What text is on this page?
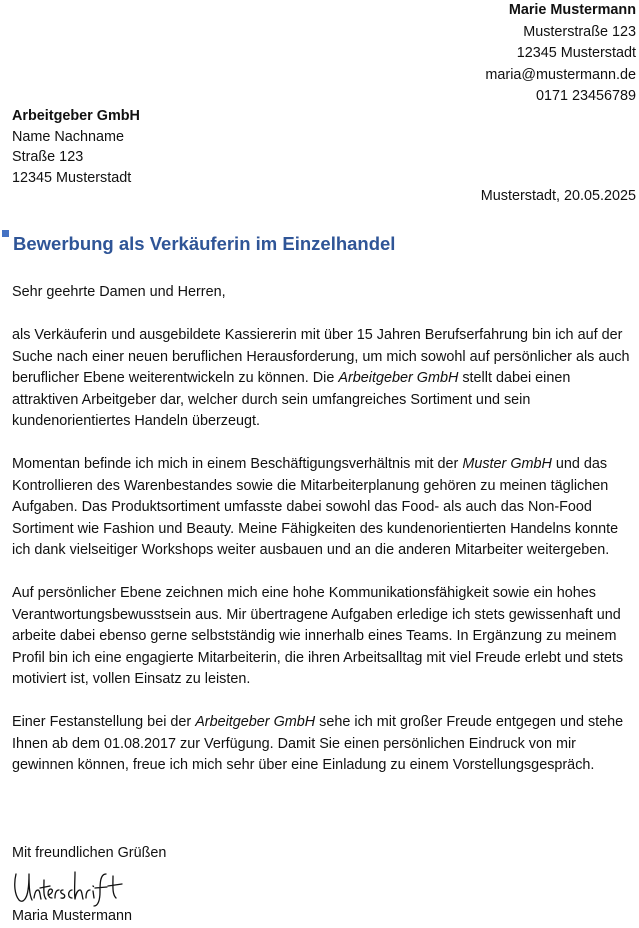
Marie Mustermann
Musterstraße 123
12345 Musterstadt
maria@mustermann.de
0171 23456789
Arbeitgeber GmbH
Name Nachname
Straße 123
12345 Musterstadt
Musterstadt, 20.05.2025
Bewerbung als Verkäuferin im Einzelhandel

Sehr geehrte Damen und Herren,

als Verkäuferin und ausgebildete Kassiererin mit über 15 Jahren Berufserfahrung bin ich auf der Suche nach einer neuen beruflichen Herausforderung, um mich sowohl auf persönlicher als auch beruflicher Ebene weiterentwickeln zu können. Die Arbeitgeber GmbH stellt dabei einen attraktiven Arbeitgeber dar, welcher durch sein umfangreiches Sortiment und sein kundenorientiertes Handeln überzeugt.

Momentan befinde ich mich in einem Beschäftigungsverhältnis mit der Muster GmbH und das Kontrollieren des Warenbestandes sowie die Mitarbeiterplanung gehören zu meinen täglichen Aufgaben. Das Produktsortiment umfasste dabei sowohl das Food- als auch das Non-Food Sortiment wie Fashion und Beauty. Meine Fähigkeiten des kundenorientierten Handelns konnte ich dank vielseitiger Workshops weiter ausbauen und an die anderen Mitarbeiter weitergeben.

Auf persönlicher Ebene zeichnen mich eine hohe Kommunikationsfähigkeit sowie ein hohes Verantwortungsbewusstsein aus. Mir übertragene Aufgaben erledige ich stets gewissenhaft und arbeite dabei ebenso gerne selbstständig wie innerhalb eines Teams. In Ergänzung zu meinem Profil bin ich eine engagierte Mitarbeiterin, die ihren Arbeitsalltag mit viel Freude erlebt und stets motiviert ist, vollen Einsatz zu leisten.

Einer Festanstellung bei der Arbeitgeber GmbH sehe ich mit großer Freude entgegen und stehe Ihnen ab dem 01.08.2017 zur Verfügung. Damit Sie einen persönlichen Eindruck von mir gewinnen können, freue ich mich sehr über eine Einladung zu einem Vorstellungsgespräch.

Mit freundlichen Grüßen
Maria Mustermann
